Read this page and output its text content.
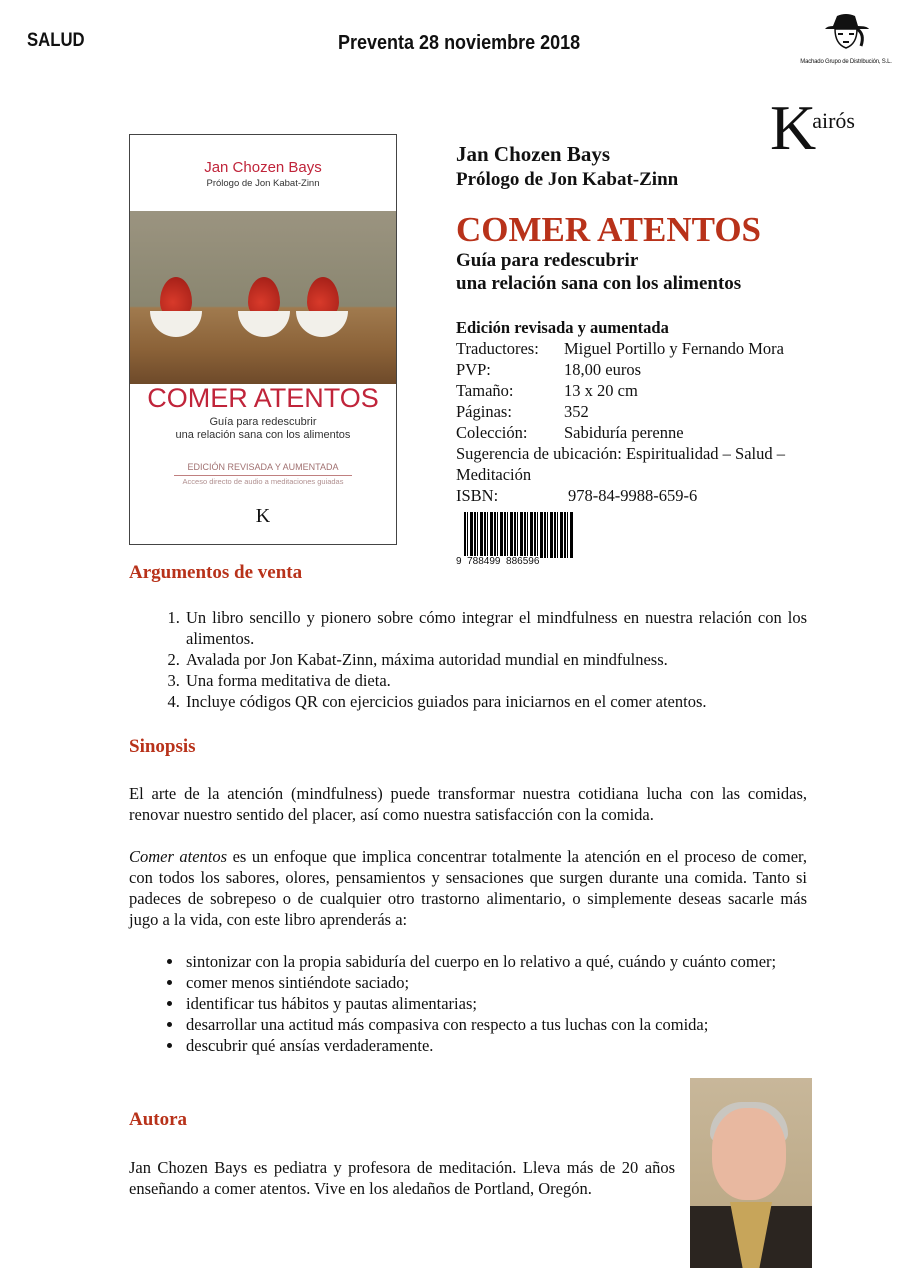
SALUD	Preventa 28 noviembre 2018
Machado Grupo de Distribución, S.L.
K
airós
Jan Chozen Bays
Prólogo de Jon Kabat-Zinn
COMER ATENTOS
Guía para redescubrir
una relación sana con los alimentos
EDICIÓN REVISADA Y AUMENTADA
Acceso directo de audio a meditaciones guiadas
K
Jan Chozen Bays
Prólogo de Jon Kabat-Zinn
COMER ATENTOS
Guía para redescubrir
una relación sana con los alimentos
Edición revisada y aumentada
Traductores:	Miguel Portillo y Fernando Mora
PVP:	18,00 euros
Tamaño:	13 x 20 cm
Páginas:	352
Colección:	Sabiduría perenne
Sugerencia de ubicación: Espiritualidad – Salud – Meditación
ISBN:	978-84-9988-659-6
9  788499  886596
Argumentos de venta
1. Un libro sencillo y pionero sobre cómo integrar el mindfulness en nuestra relación con los alimentos.
2. Avalada por Jon Kabat-Zinn, máxima autoridad mundial en mindfulness.
3. Una forma meditativa de dieta.
4. Incluye códigos QR con ejercicios guiados para iniciarnos en el comer atentos.
Sinopsis

El arte de la atención (mindfulness) puede transformar nuestra cotidiana lucha con las comidas, renovar nuestro sentido del placer, así como nuestra satisfacción con la comida.

Comer atentos es un enfoque que implica concentrar totalmente la atención en el proceso de comer, con todos los sabores, olores, pensamientos y sensaciones que surgen durante una comida. Tanto si padeces de sobrepeso o de cualquier otro trastorno alimentario, o simplemente deseas sacarle más jugo a la vida, con este libro aprenderás a:

• sintonizar con la propia sabiduría del cuerpo en lo relativo a qué, cuándo y cuánto comer;
• comer menos sintiéndote saciado;
• identificar tus hábitos y pautas alimentarias;
• desarrollar una actitud más compasiva con respecto a tus luchas con la comida;
• descubrir qué ansías verdaderamente.
Autora
Jan Chozen Bays es pediatra y profesora de meditación. Lleva más de 20 años enseñando a comer atentos. Vive en los aledaños de Portland, Oregón.
